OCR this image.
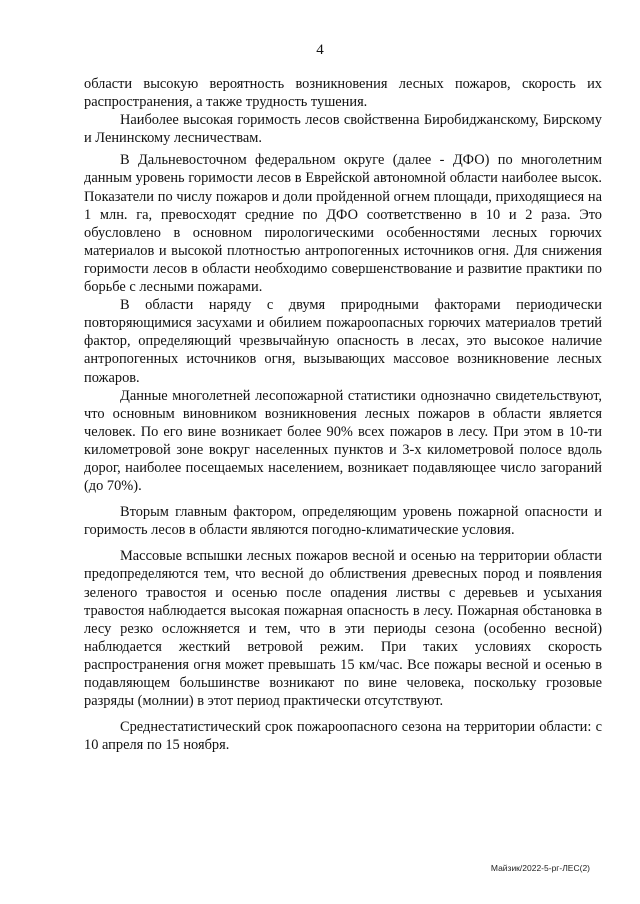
4

области высокую вероятность возникновения лесных пожаров, скорость их распространения, а также трудность тушения.

Наиболее высокая горимость лесов свойственна Биробиджанскому, Бирскому и Ленинскому лесничествам.

В Дальневосточном федеральном округе (далее - ДФО) по многолетним данным уровень горимости лесов в Еврейской автономной области наиболее высок. Показатели по числу пожаров и доли пройденной огнем площади, приходящиеся на 1 млн. га, превосходят средние по ДФО соответственно в 10 и 2 раза. Это обусловлено в основном пирологическими особенностями лесных горючих материалов и высокой плотностью антропогенных источников огня. Для снижения горимости лесов в области необходимо совершенствование и развитие практики по борьбе с лесными пожарами.

В области наряду с двумя природными факторами периодически повторяющимися засухами и обилием пожароопасных горючих материалов третий фактор, определяющий чрезвычайную опасность в лесах, это высокое наличие антропогенных источников огня, вызывающих массовое возникновение лесных пожаров.

Данные многолетней лесопожарной статистики однозначно свидетельствуют, что основным виновником возникновения лесных пожаров в области является человек. По его вине возникает более 90% всех пожаров в лесу. При этом в 10-ти километровой зоне вокруг населенных пунктов и 3-х километровой полосе вдоль дорог, наиболее посещаемых населением, возникает подавляющее число загораний (до 70%).

Вторым главным фактором, определяющим уровень пожарной опасности и горимость лесов в области являются погодно-климатические условия.

Массовые вспышки лесных пожаров весной и осенью на территории области предопределяются тем, что весной до облиствения древесных пород и появления зеленого травостоя и осенью после опадения листвы с деревьев и усыхания травостоя наблюдается высокая пожарная опасность в лесу. Пожарная обстановка в лесу резко осложняется и тем, что в эти периоды сезона (особенно весной) наблюдается жесткий ветровой режим. При таких условиях скорость распространения огня может превышать 15 км/час. Все пожары весной и осенью в подавляющем большинстве возникают по вине человека, поскольку грозовые разряды (молнии) в этот период практически отсутствуют.

Среднестатистический срок пожароопасного сезона на территории области: с 10 апреля по 15 ноября.

Майзик/2022-5-рг-ЛЕС(2)
